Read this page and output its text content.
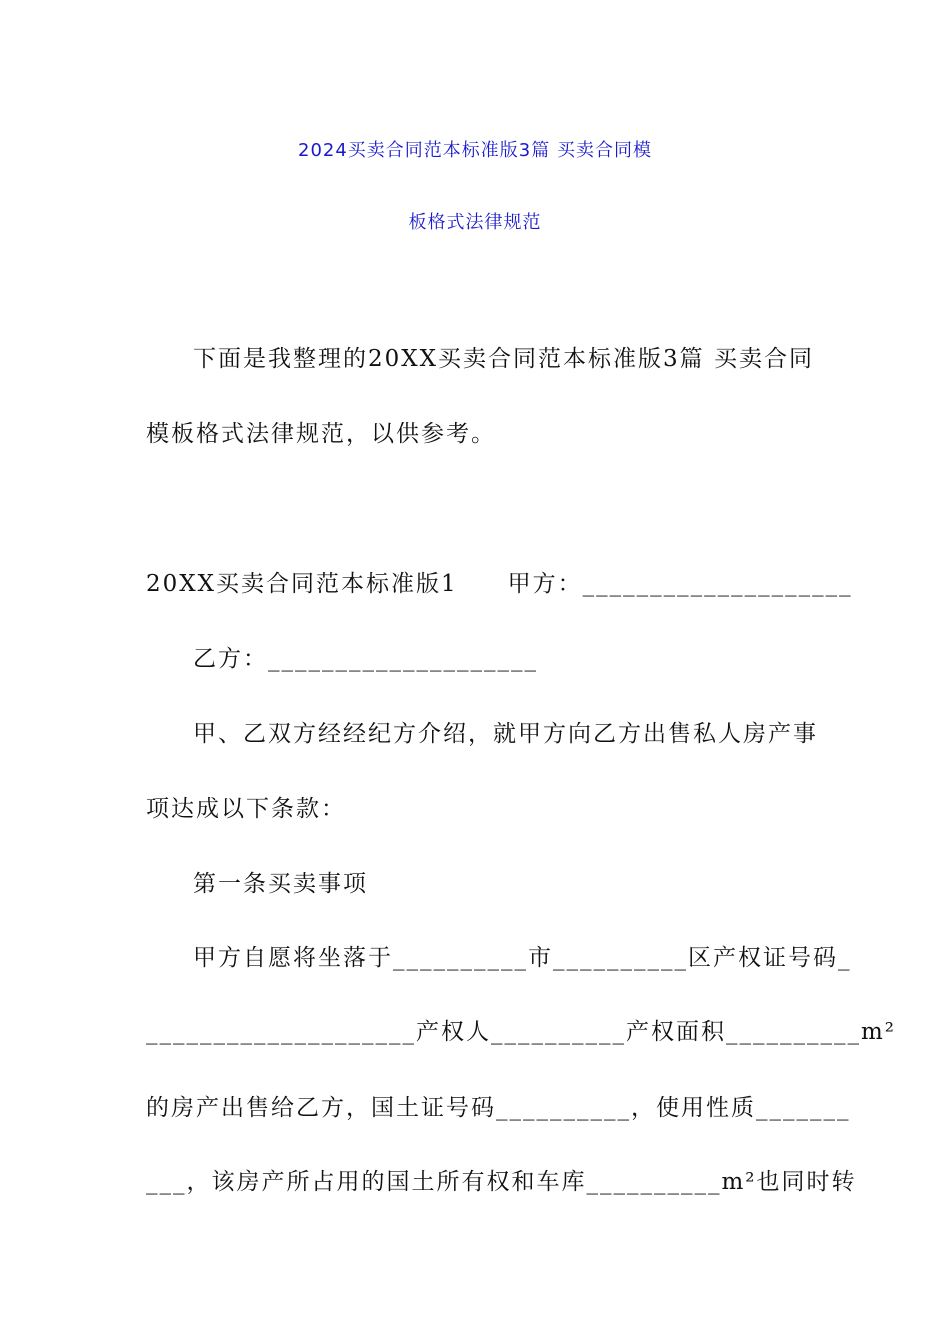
2024买卖合同范本标准版3篇 买卖合同模
板格式法律规范
下面是我整理的20XX买卖合同范本标准版3篇 买卖合同
模板格式法律规范，以供参考。
20XX买卖合同范本标准版1　　甲方：____________________
乙方：____________________
甲、乙双方经经纪方介绍，就甲方向乙方出售私人房产事
项达成以下条款：
第一条买卖事项
甲方自愿将坐落于__________市__________区产权证号码_
____________________产权人__________产权面积__________m²
的房产出售给乙方，国土证号码__________，使用性质_______
___，该房产所占用的国土所有权和车库__________m²也同时转
